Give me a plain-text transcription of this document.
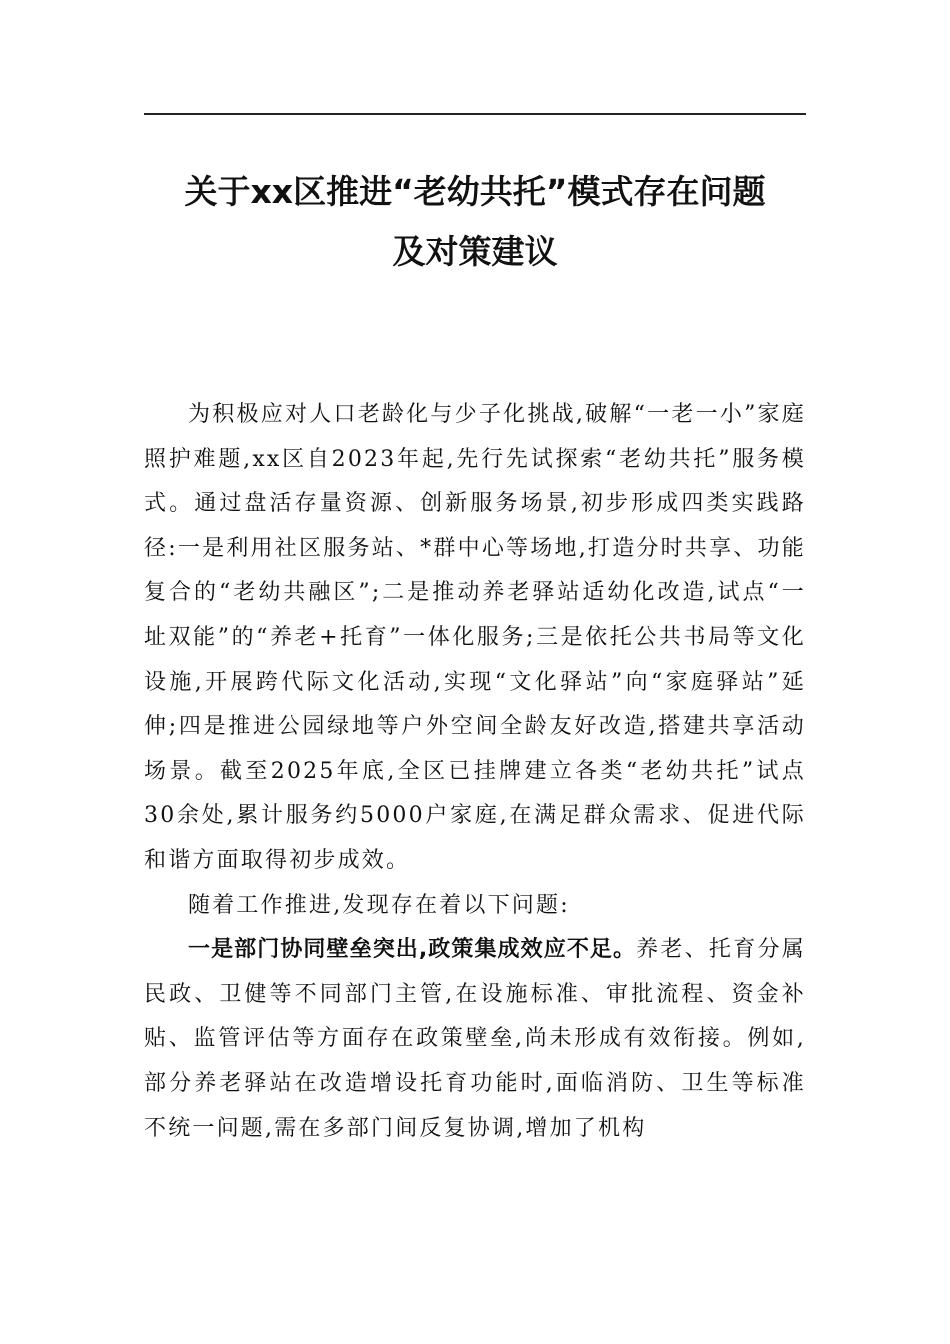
关于xx区推进“老幼共托”模式存在问题
及对策建议

为积极应对人口老龄化与少子化挑战,破解“一老一小”家庭照护难题,xx区自2023年起,先行先试探索“老幼共托”服务模式。通过盘活存量资源、创新服务场景,初步形成四类实践路径:一是利用社区服务站、*群中心等场地,打造分时共享、功能复合的“老幼共融区”;二是推动养老驿站适幼化改造,试点“一址双能”的“养老+托育”一体化服务;三是依托公共书局等文化设施,开展跨代际文化活动,实现“文化驿站”向“家庭驿站”延伸;四是推进公园绿地等户外空间全龄友好改造,搭建共享活动场景。截至2025年底,全区已挂牌建立各类“老幼共托”试点30余处,累计服务约5000户家庭,在满足群众需求、促进代际和谐方面取得初步成效。

随着工作推进,发现存在着以下问题:

一是部门协同壁垒突出,政策集成效应不足。养老、托育分属民政、卫健等不同部门主管,在设施标准、审批流程、资金补贴、监管评估等方面存在政策壁垒,尚未形成有效衔接。例如,部分养老驿站在改造增设托育功能时,面临消防、卫生等标准不统一问题,需在多部门间反复协调,增加了机构
